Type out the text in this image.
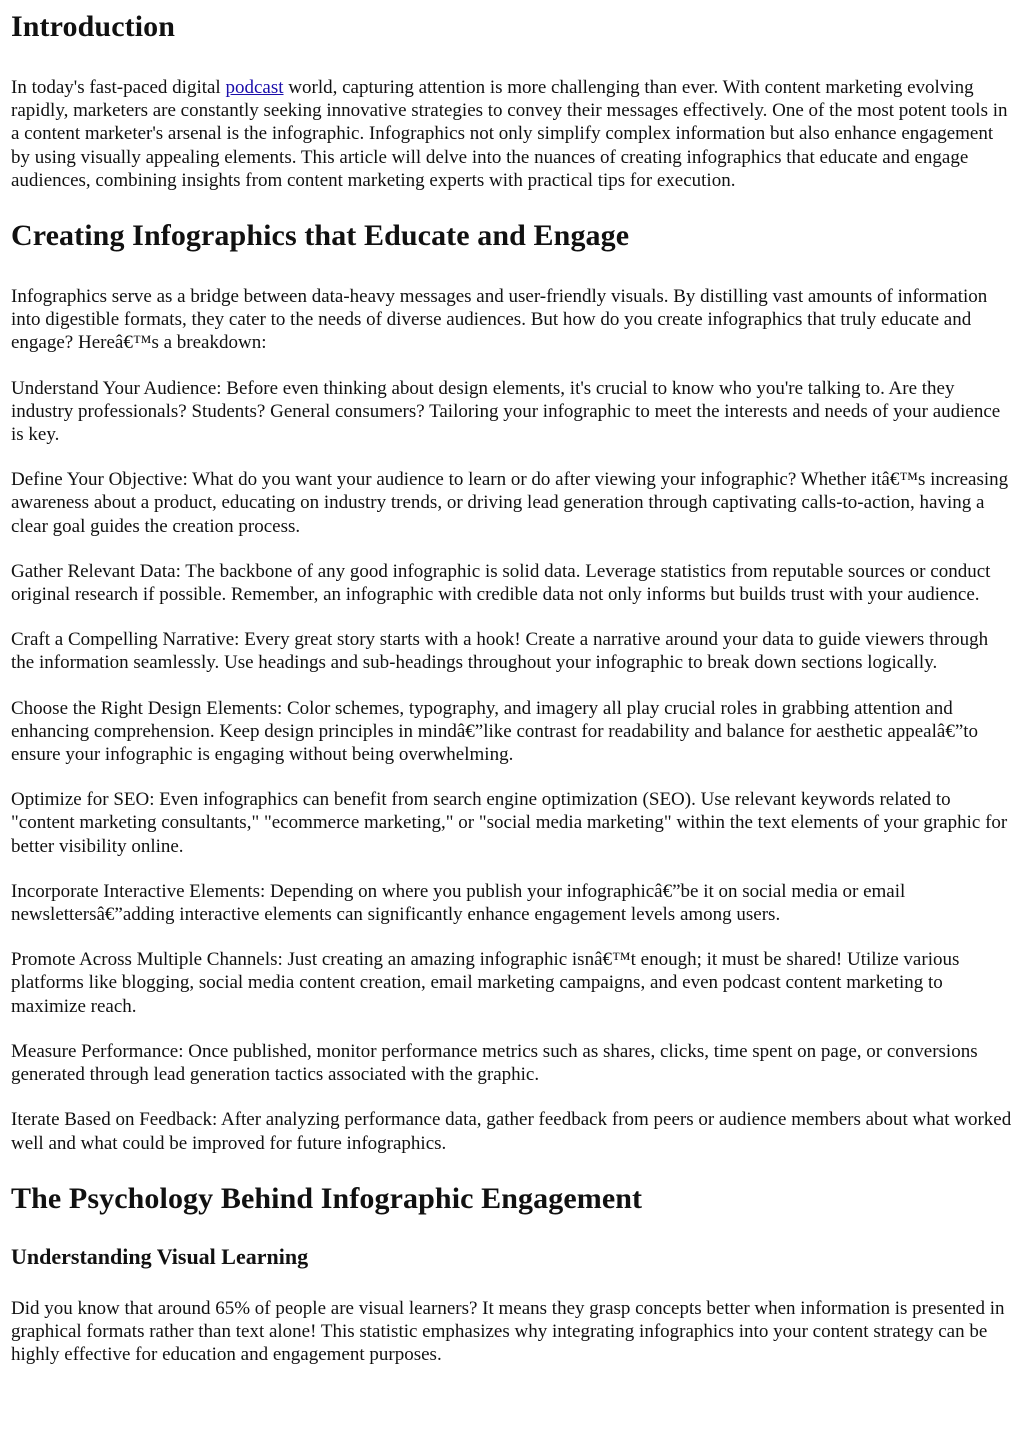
Introduction

In today's fast-paced digital podcast world, capturing attention is more challenging than ever. With content marketing evolving rapidly, marketers are constantly seeking innovative strategies to convey their messages effectively. One of the most potent tools in a content marketer's arsenal is the infographic. Infographics not only simplify complex information but also enhance engagement by using visually appealing elements. This article will delve into the nuances of creating infographics that educate and engage audiences, combining insights from content marketing experts with practical tips for execution.

Creating Infographics that Educate and Engage

Infographics serve as a bridge between data-heavy messages and user-friendly visuals. By distilling vast amounts of information into digestible formats, they cater to the needs of diverse audiences. But how do you create infographics that truly educate and engage? Hereâ€™s a breakdown:

Understand Your Audience: Before even thinking about design elements, it's crucial to know who you're talking to. Are they industry professionals? Students? General consumers? Tailoring your infographic to meet the interests and needs of your audience is key.

Define Your Objective: What do you want your audience to learn or do after viewing your infographic? Whether itâ€™s increasing awareness about a product, educating on industry trends, or driving lead generation through captivating calls-to-action, having a clear goal guides the creation process.

Gather Relevant Data: The backbone of any good infographic is solid data. Leverage statistics from reputable sources or conduct original research if possible. Remember, an infographic with credible data not only informs but builds trust with your audience.

Craft a Compelling Narrative: Every great story starts with a hook! Create a narrative around your data to guide viewers through the information seamlessly. Use headings and sub-headings throughout your infographic to break down sections logically.

Choose the Right Design Elements: Color schemes, typography, and imagery all play crucial roles in grabbing attention and enhancing comprehension. Keep design principles in mindâ€”like contrast for readability and balance for aesthetic appealâ€”to ensure your infographic is engaging without being overwhelming.

Optimize for SEO: Even infographics can benefit from search engine optimization (SEO). Use relevant keywords related to "content marketing consultants," "ecommerce marketing," or "social media marketing" within the text elements of your graphic for better visibility online.

Incorporate Interactive Elements: Depending on where you publish your infographicâ€”be it on social media or email newslettersâ€”adding interactive elements can significantly enhance engagement levels among users.

Promote Across Multiple Channels: Just creating an amazing infographic isnâ€™t enough; it must be shared! Utilize various platforms like blogging, social media content creation, email marketing campaigns, and even podcast content marketing to maximize reach.

Measure Performance: Once published, monitor performance metrics such as shares, clicks, time spent on page, or conversions generated through lead generation tactics associated with the graphic.

Iterate Based on Feedback: After analyzing performance data, gather feedback from peers or audience members about what worked well and what could be improved for future infographics.

The Psychology Behind Infographic Engagement
Understanding Visual Learning

Did you know that around 65% of people are visual learners? It means they grasp concepts better when information is presented in graphical formats rather than text alone! This statistic emphasizes why integrating infographics into your content strategy can be highly effective for education and engagement purposes.
